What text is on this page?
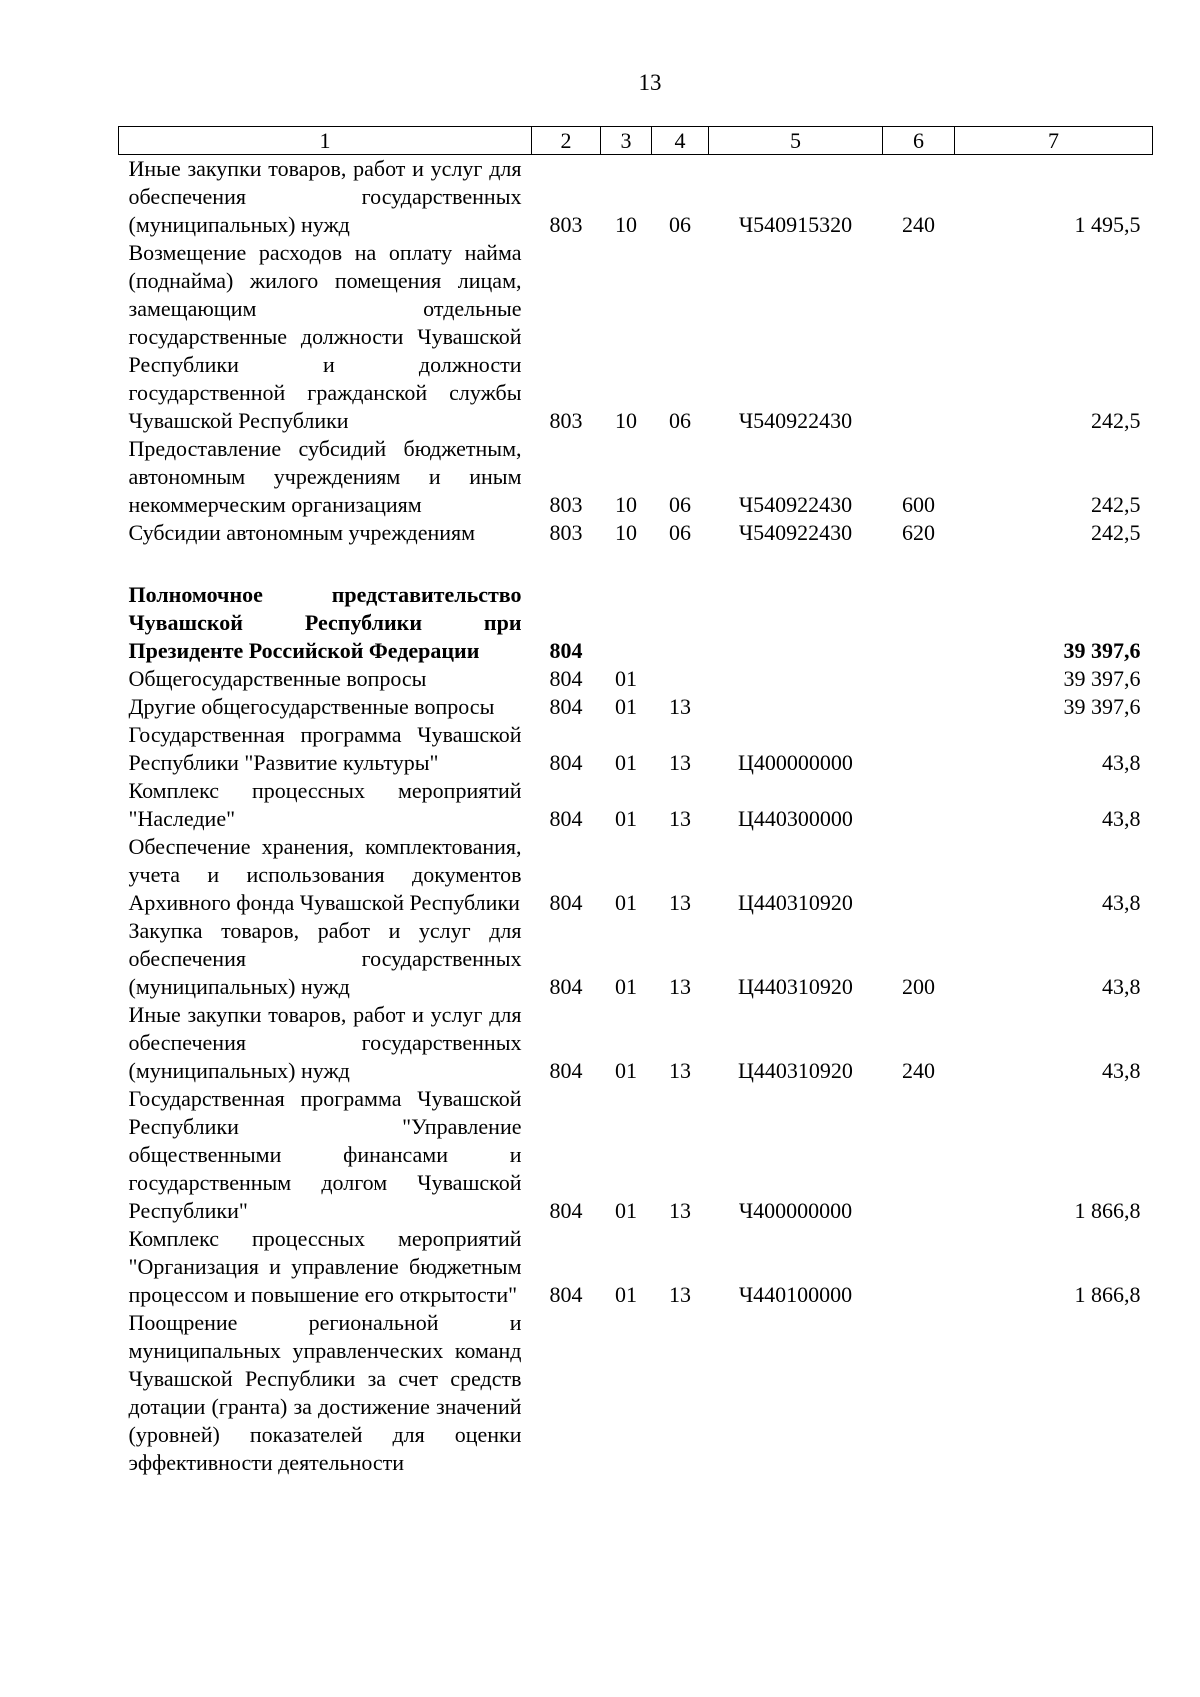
13
1	2	3	4	5	6	7
Иные закупки товаров, работ и услуг для обеспечения государственных (муниципальных) нужд	803	10	06	Ч540915320	240	1 495,5
Возмещение расходов на оплату найма (поднайма) жилого помещения лицам, замещающим отдельные государственные должности Чувашской Республики и должности государственной гражданской службы Чувашской Республики	803	10	06	Ч540922430		242,5
Предоставление субсидий бюджетным, автономным учреждениям и иным некоммерческим организациям	803	10	06	Ч540922430	600	242,5
Субсидии автономным учреждениям	803	10	06	Ч540922430	620	242,5

Полномочное представительство Чувашской Республики при Президенте Российской Федерации	804					39 397,6
Общегосударственные вопросы	804	01				39 397,6
Другие общегосударственные вопросы	804	01	13			39 397,6
Государственная программа Чувашской Республики "Развитие культуры"	804	01	13	Ц400000000		43,8
Комплекс процессных мероприятий "Наследие"	804	01	13	Ц440300000		43,8
Обеспечение хранения, комплектования, учета и использования документов Архивного фонда Чувашской Республики	804	01	13	Ц440310920		43,8
Закупка товаров, работ и услуг для обеспечения государственных (муниципальных) нужд	804	01	13	Ц440310920	200	43,8
Иные закупки товаров, работ и услуг для обеспечения государственных (муниципальных) нужд	804	01	13	Ц440310920	240	43,8
Государственная программа Чувашской Республики "Управление общественными финансами и государственным долгом Чувашской Республики"	804	01	13	Ч400000000		1 866,8
Комплекс процессных мероприятий "Организация и управление бюджетным процессом и повышение его открытости"	804	01	13	Ч440100000		1 866,8
Поощрение региональной и муниципальных управленческих команд Чувашской Республики за счет средств дотации (гранта) за достижение значений (уровней) показателей для оценки эффективности деятельности						
